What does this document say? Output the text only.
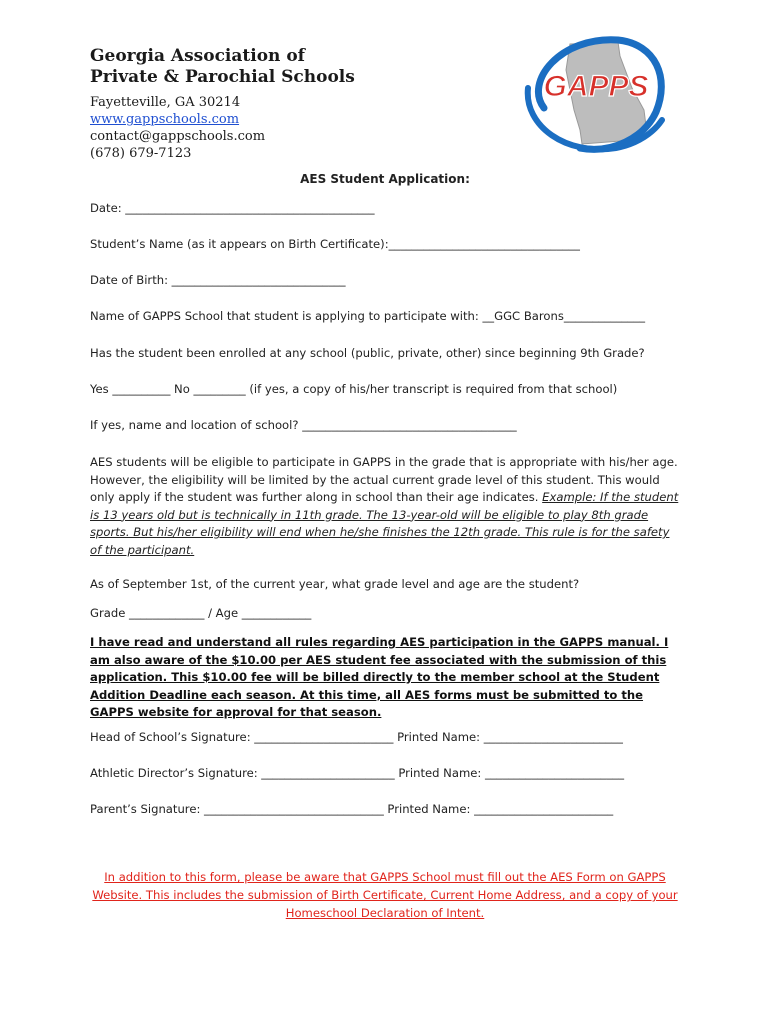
Georgia Association of
Private & Parochial Schools
Fayetteville, GA 30214
www.gappschools.com
contact@gappschools.com
(678) 679-7123
GAPPS
AES Student Application:
Date: ___________________________________________
Student’s Name (as it appears on Birth Certificate):_________________________________
Date of Birth: ______________________________
Name of GAPPS School that student is applying to participate with: __GGC Barons______________
Has the student been enrolled at any school (public, private, other) since beginning 9th Grade?
Yes __________ No _________ (if yes, a copy of his/her transcript is required from that school)
If yes, name and location of school? _____________________________________
AES students will be eligible to participate in GAPPS in the grade that is appropriate with his/her age. However, the eligibility will be limited by the actual current grade level of this student. This would only apply if the student was further along in school than their age indicates. Example: If the student is 13 years old but is technically in 11th grade. The 13-year-old will be eligible to play 8th grade sports. But his/her eligibility will end when he/she finishes the 12th grade. This rule is for the safety of the participant.
As of September 1st, of the current year, what grade level and age are the student?
Grade _____________ / Age ____________
I have read and understand all rules regarding AES participation in the GAPPS manual. I am also aware of the $10.00 per AES student fee associated with the submission of this application. This $10.00 fee will be billed directly to the member school at the Student Addition Deadline each season. At this time, all AES forms must be submitted to the GAPPS website for approval for that season.
Head of School’s Signature: ________________________ Printed Name: ________________________
Athletic Director’s Signature: _______________________ Printed Name: ________________________
Parent’s Signature: _______________________________ Printed Name: ________________________
In addition to this form, please be aware that GAPPS School must fill out the AES Form on GAPPS Website. This includes the submission of Birth Certificate, Current Home Address, and a copy of your Homeschool Declaration of Intent.
